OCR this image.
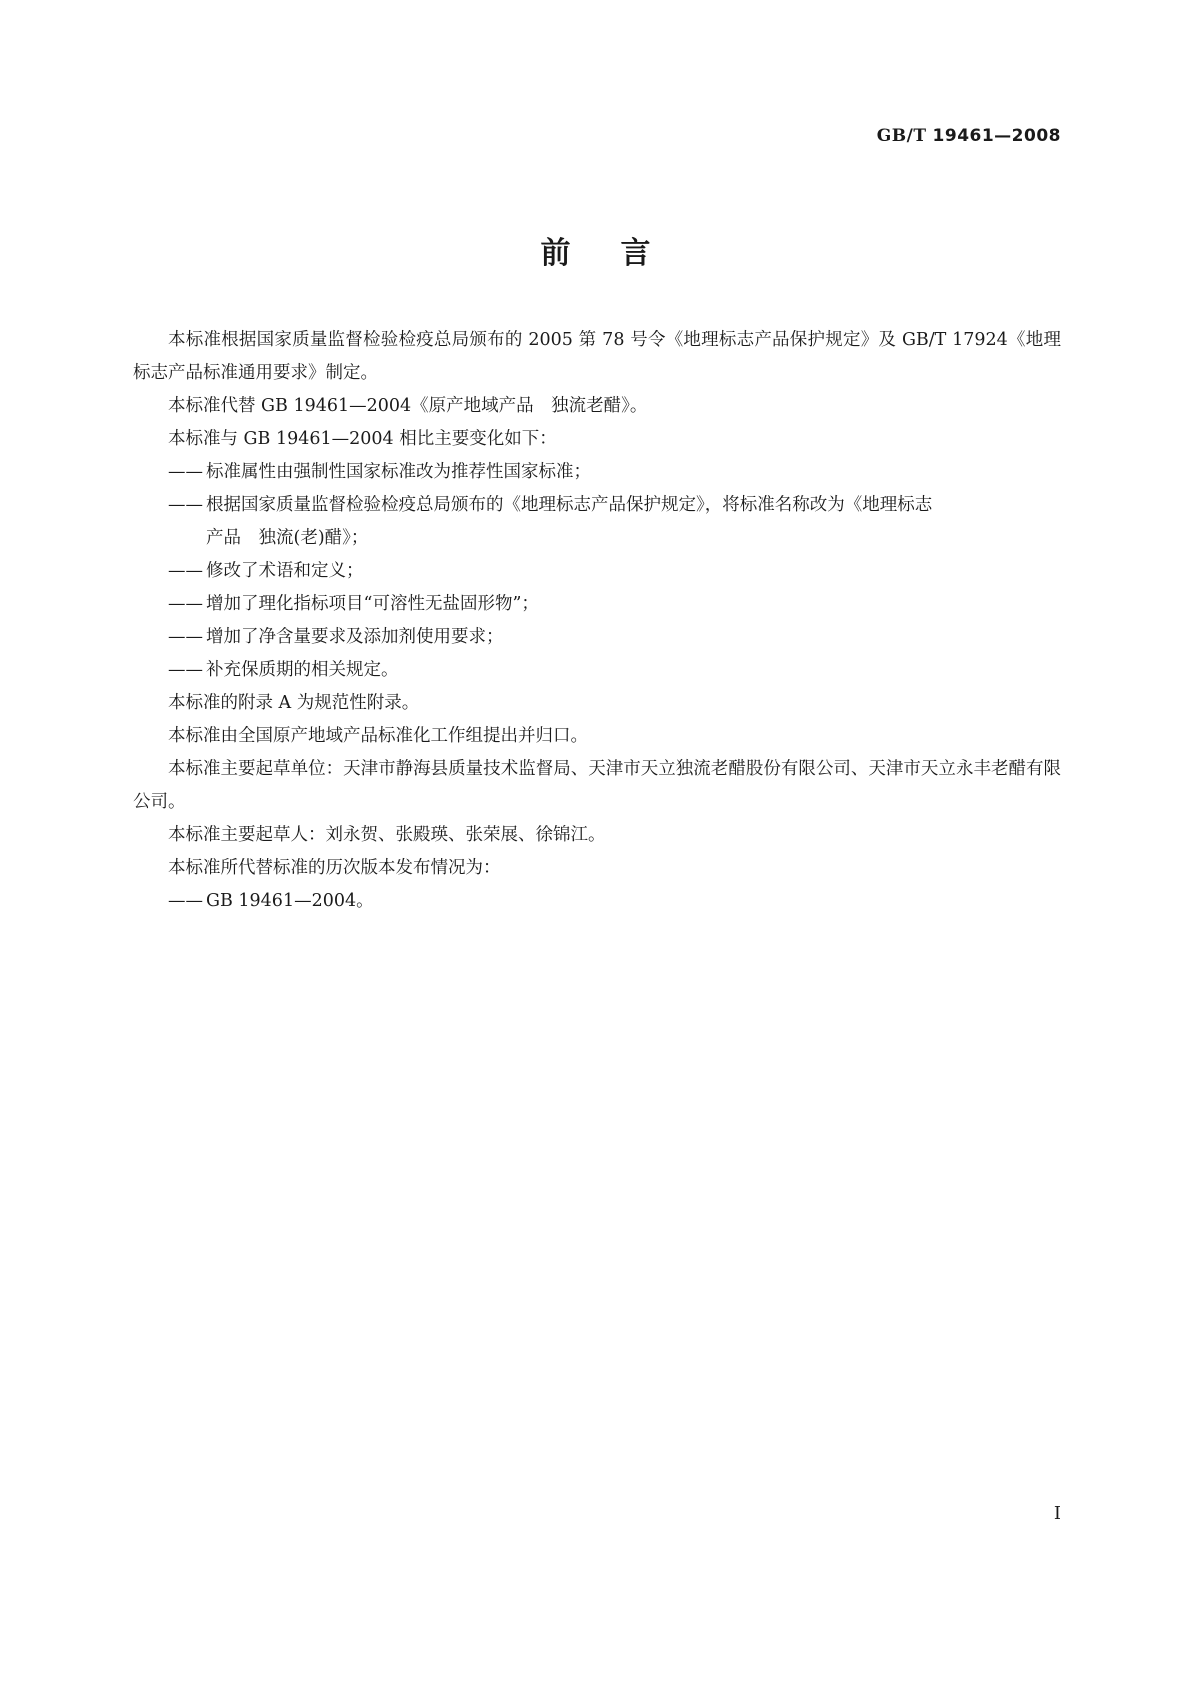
GB/T 19461—2008
前言

本标准根据国家质量监督检验检疫总局颁布的 2005 第 78 号令《地理标志产品保护规定》及 GB/T 17924《地理标志产品标准通用要求》制定。

本标准代替 GB 19461—2004《原产地域产品　独流老醋》。

本标准与 GB 19461—2004 相比主要变化如下：

—— 标准属性由强制性国家标准改为推荐性国家标准；

—— 根据国家质量监督检验检疫总局颁布的《地理标志产品保护规定》，将标准名称改为《地理标志
产品　独流(老)醋》；

—— 修改了术语和定义；

—— 增加了理化指标项目“可溶性无盐固形物”；

—— 增加了净含量要求及添加剂使用要求；

—— 补充保质期的相关规定。

本标准的附录 A 为规范性附录。

本标准由全国原产地域产品标准化工作组提出并归口。

本标准主要起草单位：天津市静海县质量技术监督局、天津市天立独流老醋股份有限公司、天津市天立永丰老醋有限公司。

本标准主要起草人：刘永贺、张殿瑛、张荣展、徐锦江。

本标准所代替标准的历次版本发布情况为：

—— GB 19461—2004。

I
